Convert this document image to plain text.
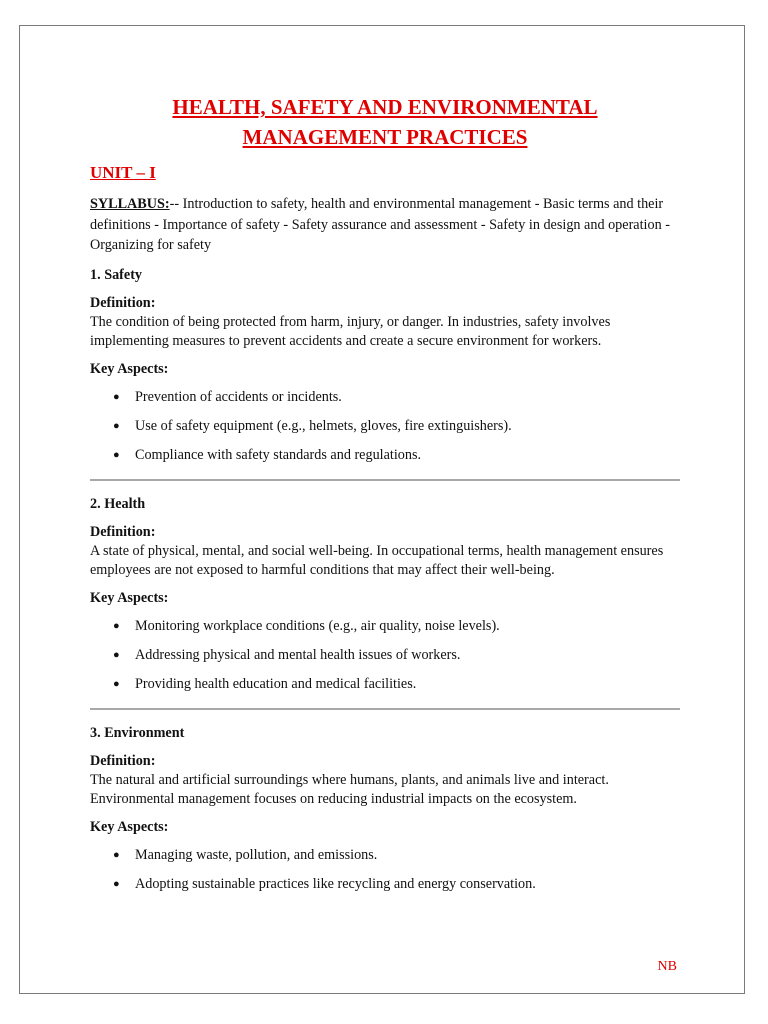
HEALTH, SAFETY AND ENVIRONMENTAL
MANAGEMENT PRACTICES
UNIT – I
SYLLABUS:-- Introduction to safety, health and environmental management - Basic terms and their definitions - Importance of safety - Safety assurance and assessment - Safety in design and operation - Organizing for safety
1. Safety
Definition:
The condition of being protected from harm, injury, or danger. In industries, safety involves implementing measures to prevent accidents and create a secure environment for workers.
Key Aspects:
● Prevention of accidents or incidents.
● Use of safety equipment (e.g., helmets, gloves, fire extinguishers).
● Compliance with safety standards and regulations.
2. Health
Definition:
A state of physical, mental, and social well-being. In occupational terms, health management ensures employees are not exposed to harmful conditions that may affect their well-being.
Key Aspects:
● Monitoring workplace conditions (e.g., air quality, noise levels).
● Addressing physical and mental health issues of workers.
● Providing health education and medical facilities.
3. Environment
Definition:
The natural and artificial surroundings where humans, plants, and animals live and interact. Environmental management focuses on reducing industrial impacts on the ecosystem.
Key Aspects:
● Managing waste, pollution, and emissions.
● Adopting sustainable practices like recycling and energy conservation.
NB
